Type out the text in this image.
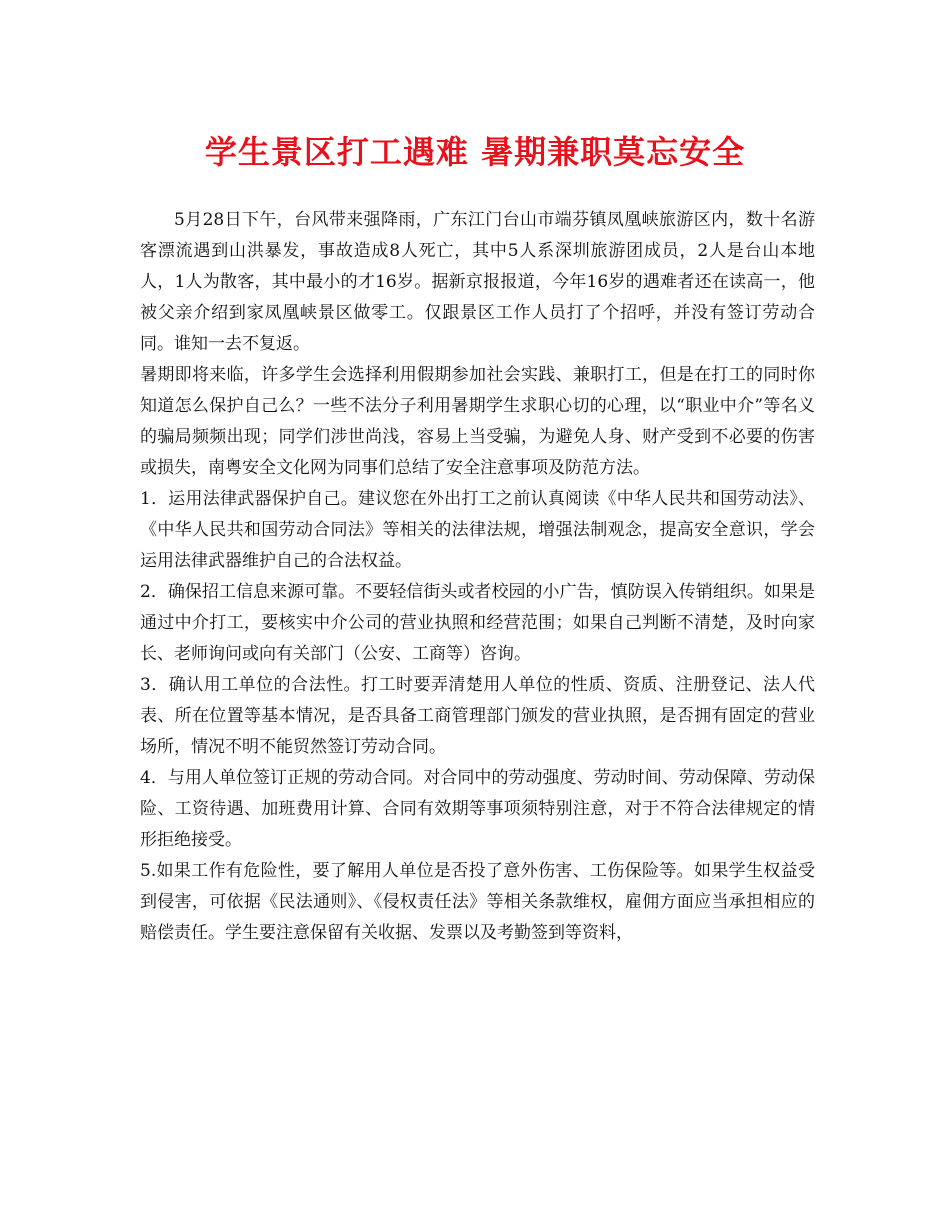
学生景区打工遇难 暑期兼职莫忘安全

5月28日下午，台风带来强降雨，广东江门台山市端芬镇凤凰峡旅游区内，数十名游客漂流遇到山洪暴发，事故造成8人死亡，其中5人系深圳旅游团成员，2人是台山本地人，1人为散客，其中最小的才16岁。据新京报报道，今年16岁的遇难者还在读高一，他被父亲介绍到家凤凰峡景区做零工。仅跟景区工作人员打了个招呼，并没有签订劳动合同。谁知一去不复返。

暑期即将来临，许多学生会选择利用假期参加社会实践、兼职打工，但是在打工的同时你知道怎么保护自己么？一些不法分子利用暑期学生求职心切的心理，以“职业中介”等名义的骗局频频出现；同学们涉世尚浅，容易上当受骗，为避免人身、财产受到不必要的伤害或损失，南粤安全文化网为同事们总结了安全注意事项及防范方法。

1．运用法律武器保护自己。建议您在外出打工之前认真阅读《中华人民共和国劳动法》、《中华人民共和国劳动合同法》等相关的法律法规，增强法制观念，提高安全意识，学会运用法律武器维护自己的合法权益。

2．确保招工信息来源可靠。不要轻信街头或者校园的小广告，慎防误入传销组织。如果是通过中介打工，要核实中介公司的营业执照和经营范围；如果自己判断不清楚，及时向家长、老师询问或向有关部门（公安、工商等）咨询。

3．确认用工单位的合法性。打工时要弄清楚用人单位的性质、资质、注册登记、法人代表、所在位置等基本情况，是否具备工商管理部门颁发的营业执照，是否拥有固定的营业场所，情况不明不能贸然签订劳动合同。

4．与用人单位签订正规的劳动合同。对合同中的劳动强度、劳动时间、劳动保障、劳动保险、工资待遇、加班费用计算、合同有效期等事项须特别注意，对于不符合法律规定的情形拒绝接受。

5.如果工作有危险性，要了解用人单位是否投了意外伤害、工伤保险等。如果学生权益受到侵害，可依据《民法通则》、《侵权责任法》等相关条款维权，雇佣方面应当承担相应的赔偿责任。学生要注意保留有关收据、发票以及考勤签到等资料，
